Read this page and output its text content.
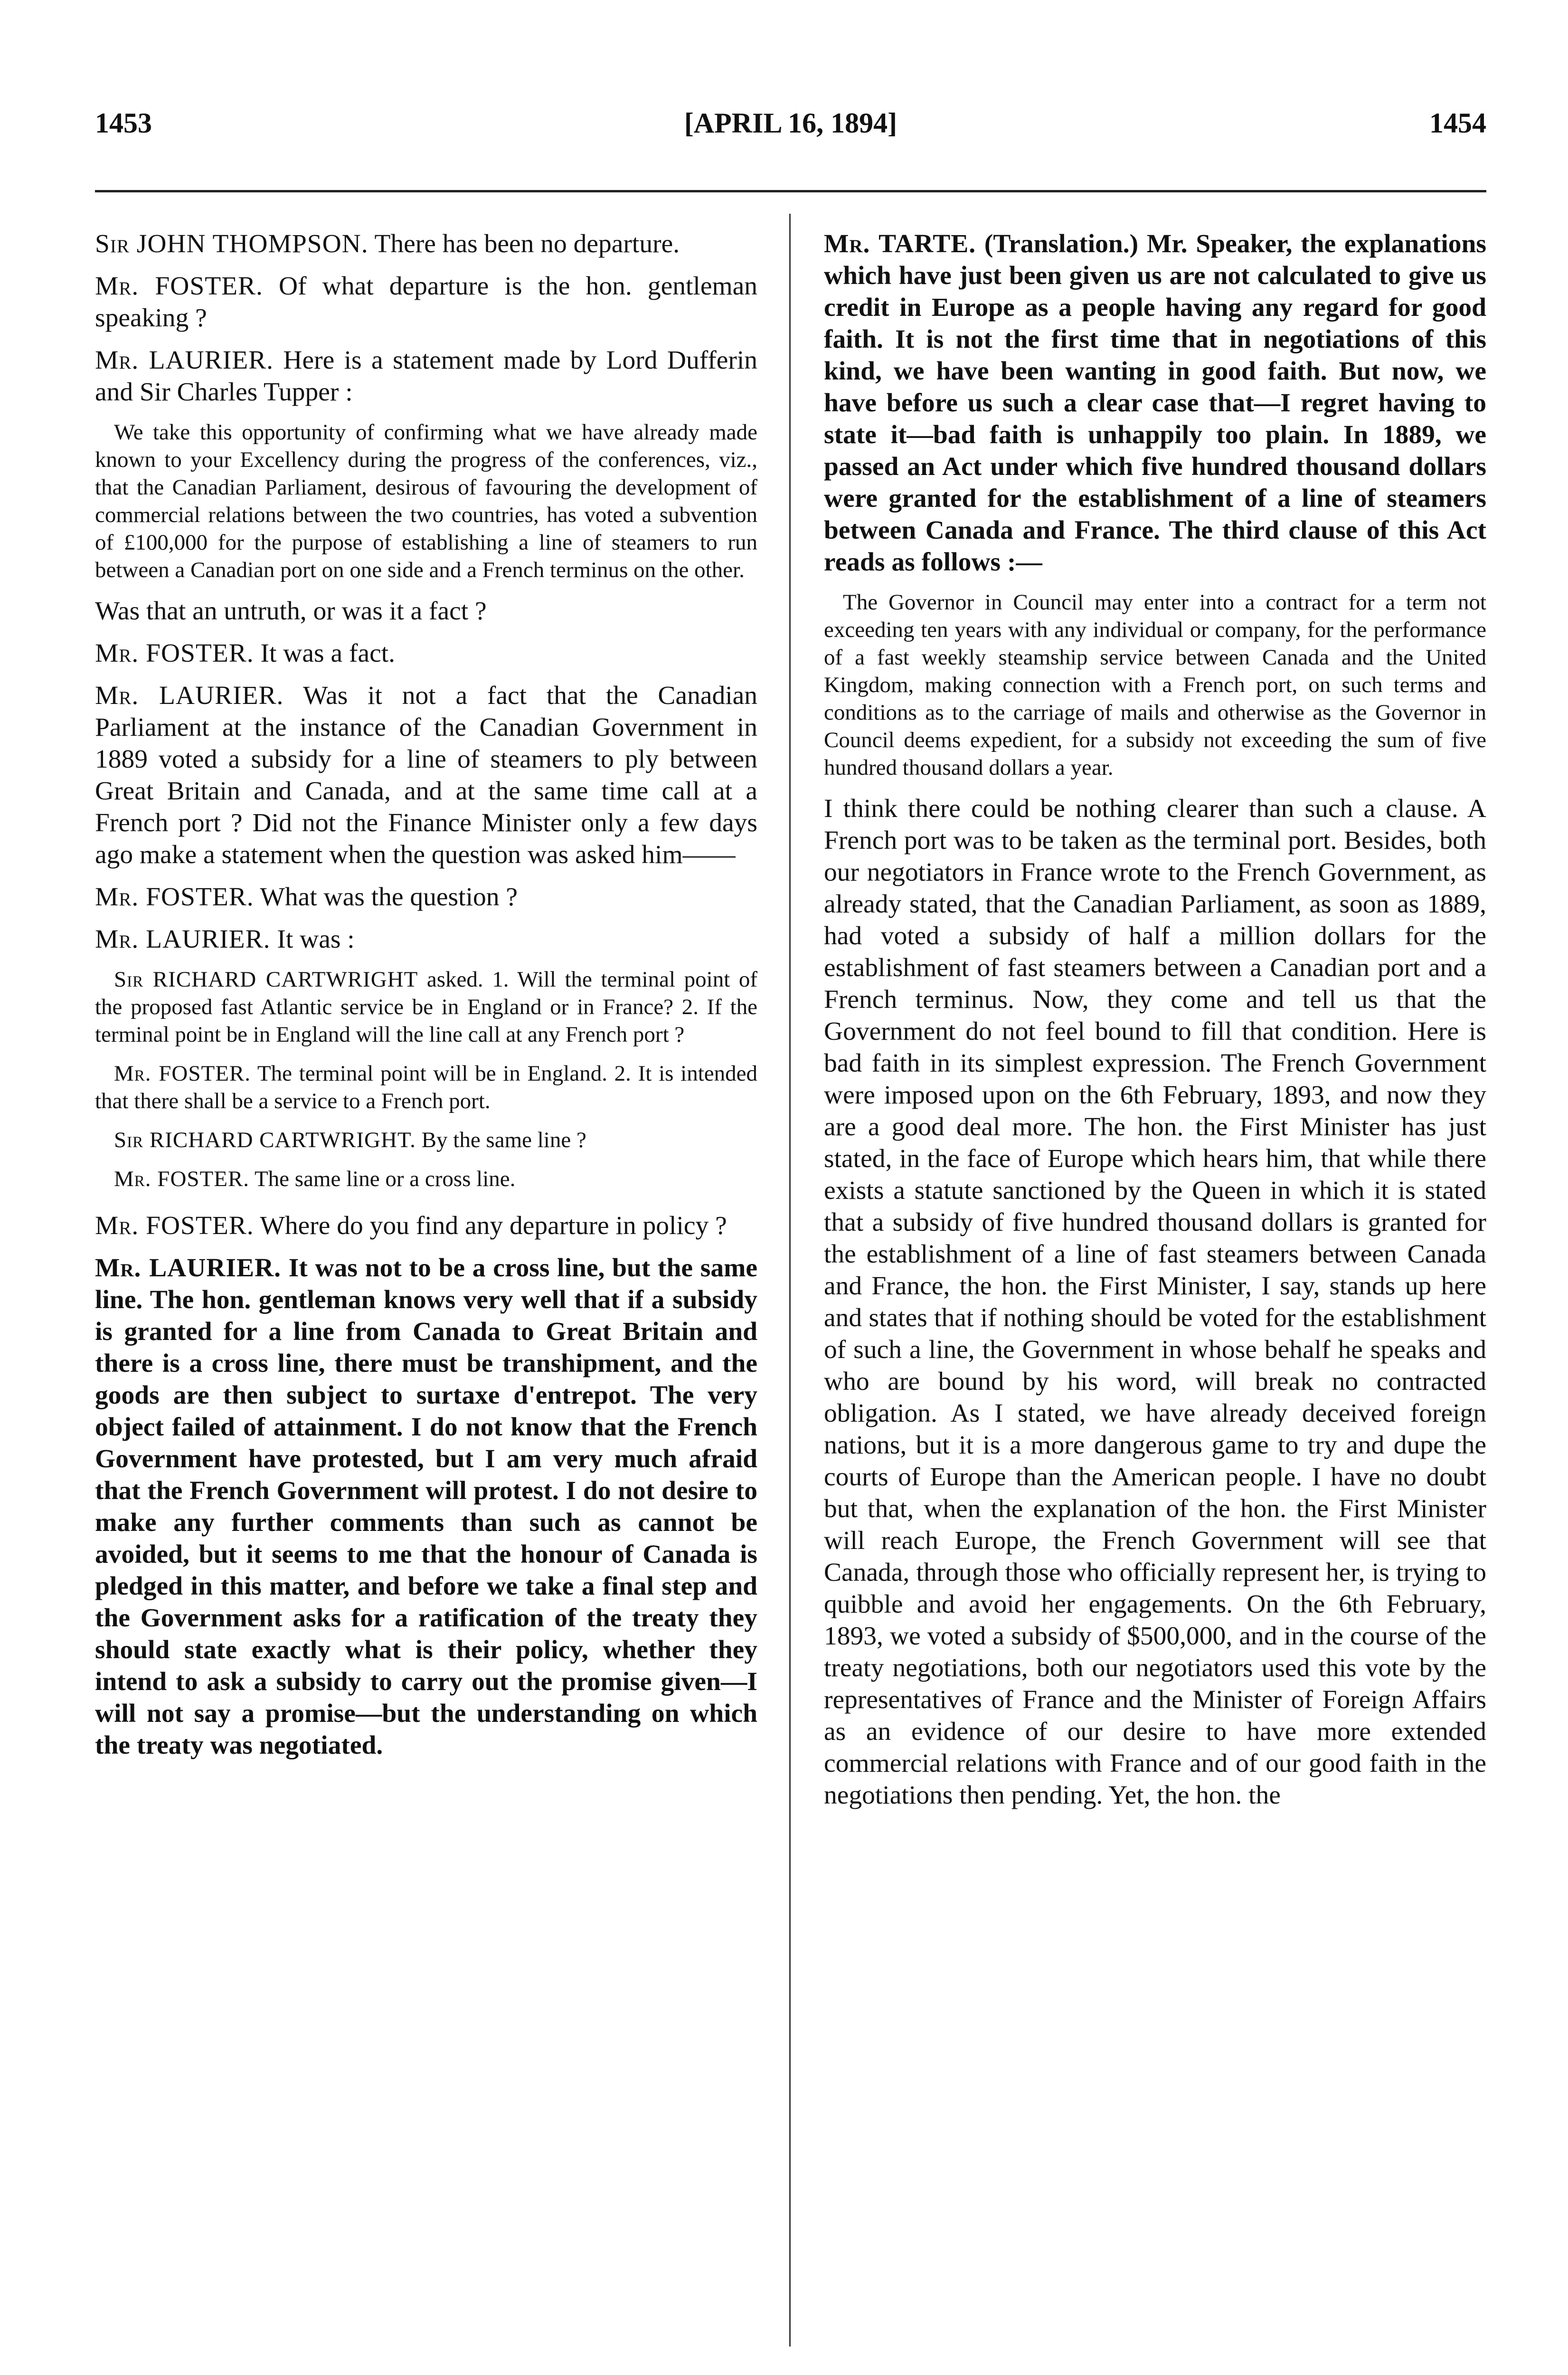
1453	[APRIL 16, 1894]	1454

Sir JOHN THOMPSON. There has been no departure.

Mr. FOSTER. Of what departure is the hon. gentleman speaking ?

Mr. LAURIER. Here is a statement made by Lord Dufferin and Sir Charles Tupper :

We take this opportunity of confirming what we have already made known to your Excellency during the progress of the conferences, viz., that the Canadian Parliament, desirous of favouring the development of commercial relations between the two countries, has voted a subvention of £100,000 for the purpose of establishing a line of steamers to run between a Canadian port on one side and a French terminus on the other.

Was that an untruth, or was it a fact ?

Mr. FOSTER. It was a fact.

Mr. LAURIER. Was it not a fact that the Canadian Parliament at the instance of the Canadian Government in 1889 voted a subsidy for a line of steamers to ply between Great Britain and Canada, and at the same time call at a French port ? Did not the Finance Minister only a few days ago make a statement when the question was asked him——

Mr. FOSTER. What was the question ?

Mr. LAURIER. It was :

Sir RICHARD CARTWRIGHT asked. 1. Will the terminal point of the proposed fast Atlantic service be in England or in France? 2. If the terminal point be in England will the line call at any French port ?

Mr. FOSTER. The terminal point will be in England. 2. It is intended that there shall be a service to a French port.

Sir RICHARD CARTWRIGHT. By the same line ?

Mr. FOSTER. The same line or a cross line.

Mr. FOSTER. Where do you find any departure in policy ?

Mr. LAURIER. It was not to be a cross line, but the same line. The hon. gentleman knows very well that if a subsidy is granted for a line from Canada to Great Britain and there is a cross line, there must be transhipment, and the goods are then subject to surtaxe d'entrepot. The very object failed of attainment. I do not know that the French Government have protested, but I am very much afraid that the French Government will protest. I do not desire to make any further comments than such as cannot be avoided, but it seems to me that the honour of Canada is pledged in this matter, and before we take a final step and the Government asks for a ratification of the treaty they should state exactly what is their policy, whether they intend to ask a subsidy to carry out the promise given—I will not say a promise—but the understanding on which the treaty was negotiated.

Mr. TARTE. (Translation.) Mr. Speaker, the explanations which have just been given us are not calculated to give us credit in Europe as a people having any regard for good faith. It is not the first time that in negotiations of this kind, we have been wanting in good faith. But now, we have before us such a clear case that—I regret having to state it—bad faith is unhappily too plain. In 1889, we passed an Act under which five hundred thousand dollars were granted for the establishment of a line of steamers between Canada and France. The third clause of this Act reads as follows :—

The Governor in Council may enter into a contract for a term not exceeding ten years with any individual or company, for the performance of a fast weekly steamship service between Canada and the United Kingdom, making connection with a French port, on such terms and conditions as to the carriage of mails and otherwise as the Governor in Council deems expedient, for a subsidy not exceeding the sum of five hundred thousand dollars a year.

I think there could be nothing clearer than such a clause. A French port was to be taken as the terminal port. Besides, both our negotiators in France wrote to the French Government, as already stated, that the Canadian Parliament, as soon as 1889, had voted a subsidy of half a million dollars for the establishment of fast steamers between a Canadian port and a French terminus. Now, they come and tell us that the Government do not feel bound to fill that condition. Here is bad faith in its simplest expression. The French Government were imposed upon on the 6th February, 1893, and now they are a good deal more. The hon. the First Minister has just stated, in the face of Europe which hears him, that while there exists a statute sanctioned by the Queen in which it is stated that a subsidy of five hundred thousand dollars is granted for the establishment of a line of fast steamers between Canada and France, the hon. the First Minister, I say, stands up here and states that if nothing should be voted for the establishment of such a line, the Government in whose behalf he speaks and who are bound by his word, will break no contracted obligation. As I stated, we have already deceived foreign nations, but it is a more dangerous game to try and dupe the courts of Europe than the American people. I have no doubt but that, when the explanation of the hon. the First Minister will reach Europe, the French Government will see that Canada, through those who officially represent her, is trying to quibble and avoid her engagements. On the 6th February, 1893, we voted a subsidy of $500,000, and in the course of the treaty negotiations, both our negotiators used this vote by the representatives of France and the Minister of Foreign Affairs as an evidence of our desire to have more extended commercial relations with France and of our good faith in the negotiations then pending. Yet, the hon. the
